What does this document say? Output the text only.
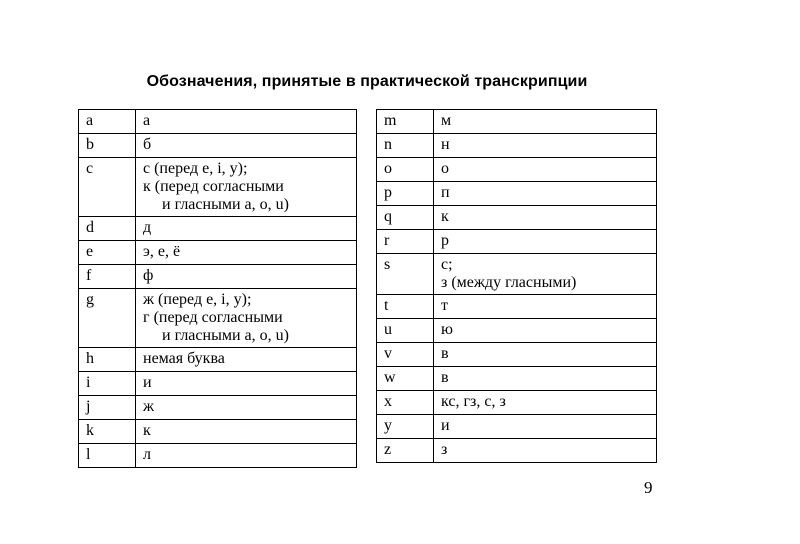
Обозначения, принятые в практической транскрипции
a	а

b	б

c	с (перед e, i, y);
к (перед согласными
и гласными a, o, u)

d	д

e	э, е, ё

f	ф

g	ж (перед e, i, y);
г (перед согласными
и гласными a, o, u)

h	немая буква

i	и

j	ж

k	к

l	л
m	м

n	н

o	о

p	п

q	к

r	р

s	с;
з (между гласными)

t	т

u	ю

v	в

w	в

x	кс, гз, с, з

y	и

z	з
9
